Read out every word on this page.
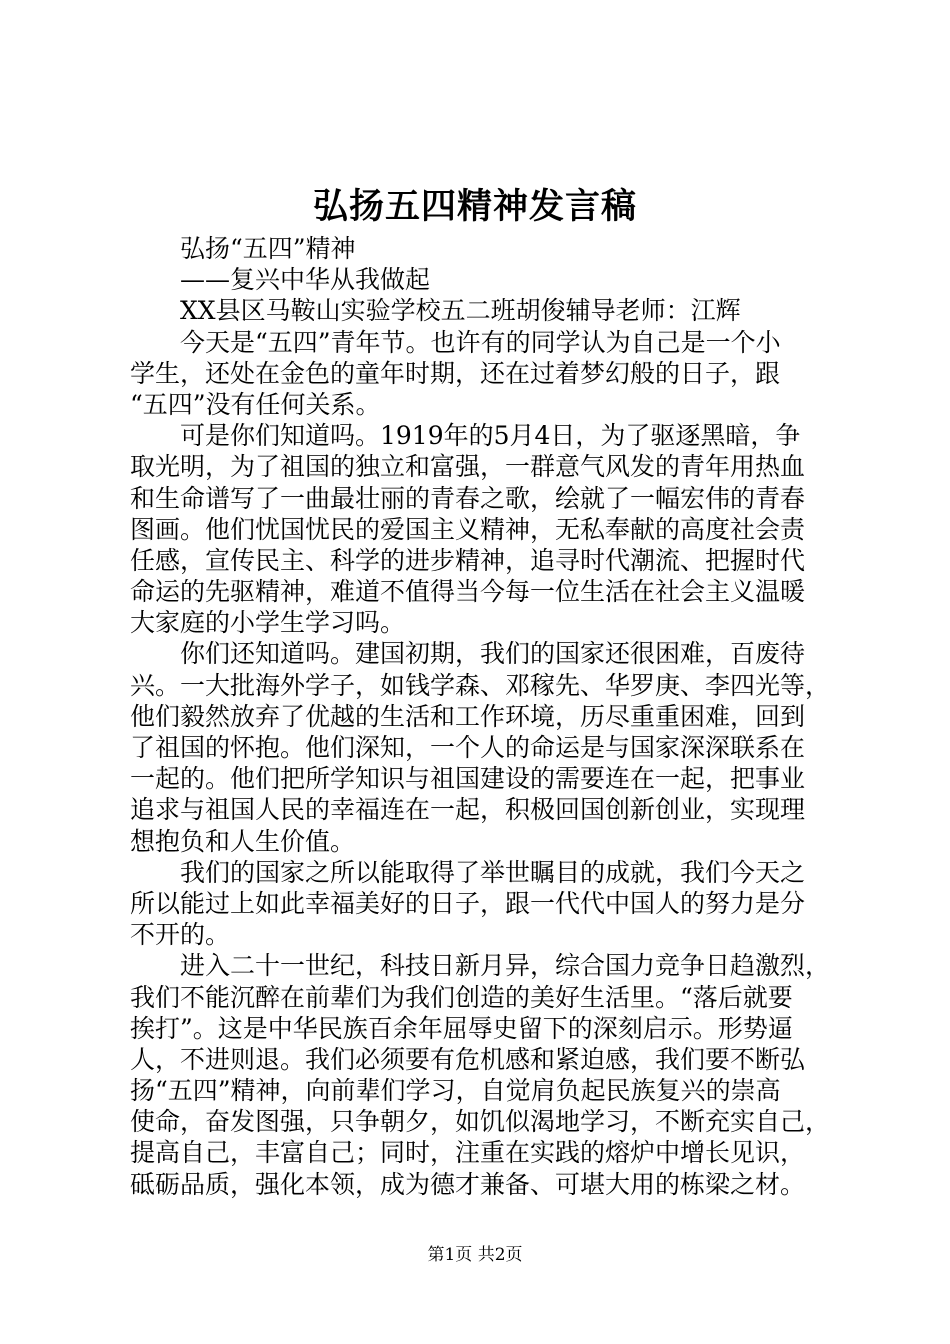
弘扬五四精神发言稿
弘扬“五四”精神
——复兴中华从我做起
XX县区马鞍山实验学校五二班胡俊辅导老师：江辉
今天是“五四”青年节。也许有的同学认为自己是一个小
学生，还处在金色的童年时期，还在过着梦幻般的日子，跟
“五四”没有任何关系。
可是你们知道吗。1919年的5月4日，为了驱逐黑暗，争
取光明，为了祖国的独立和富强，一群意气风发的青年用热血
和生命谱写了一曲最壮丽的青春之歌，绘就了一幅宏伟的青春
图画。他们忧国忧民的爱国主义精神，无私奉献的高度社会责
任感，宣传民主、科学的进步精神，追寻时代潮流、把握时代
命运的先驱精神，难道不值得当今每一位生活在社会主义温暖
大家庭的小学生学习吗。
你们还知道吗。建国初期，我们的国家还很困难，百废待
兴。一大批海外学子，如钱学森、邓稼先、华罗庚、李四光等，
他们毅然放弃了优越的生活和工作环境，历尽重重困难，回到
了祖国的怀抱。他们深知，一个人的命运是与国家深深联系在
一起的。他们把所学知识与祖国建设的需要连在一起，把事业
追求与祖国人民的幸福连在一起，积极回国创新创业，实现理
想抱负和人生价值。
我们的国家之所以能取得了举世瞩目的成就，我们今天之
所以能过上如此幸福美好的日子，跟一代代中国人的努力是分
不开的。
进入二十一世纪，科技日新月异，综合国力竞争日趋激烈，
我们不能沉醉在前辈们为我们创造的美好生活里。“落后就要
挨打”。这是中华民族百余年屈辱史留下的深刻启示。形势逼
人，不进则退。我们必须要有危机感和紧迫感，我们要不断弘
扬“五四”精神，向前辈们学习，自觉肩负起民族复兴的崇高
使命，奋发图强，只争朝夕，如饥似渴地学习，不断充实自己，
提高自己，丰富自己；同时，注重在实践的熔炉中增长见识，
砥砺品质，强化本领，成为德才兼备、可堪大用的栋梁之材。
第1页 共2页
